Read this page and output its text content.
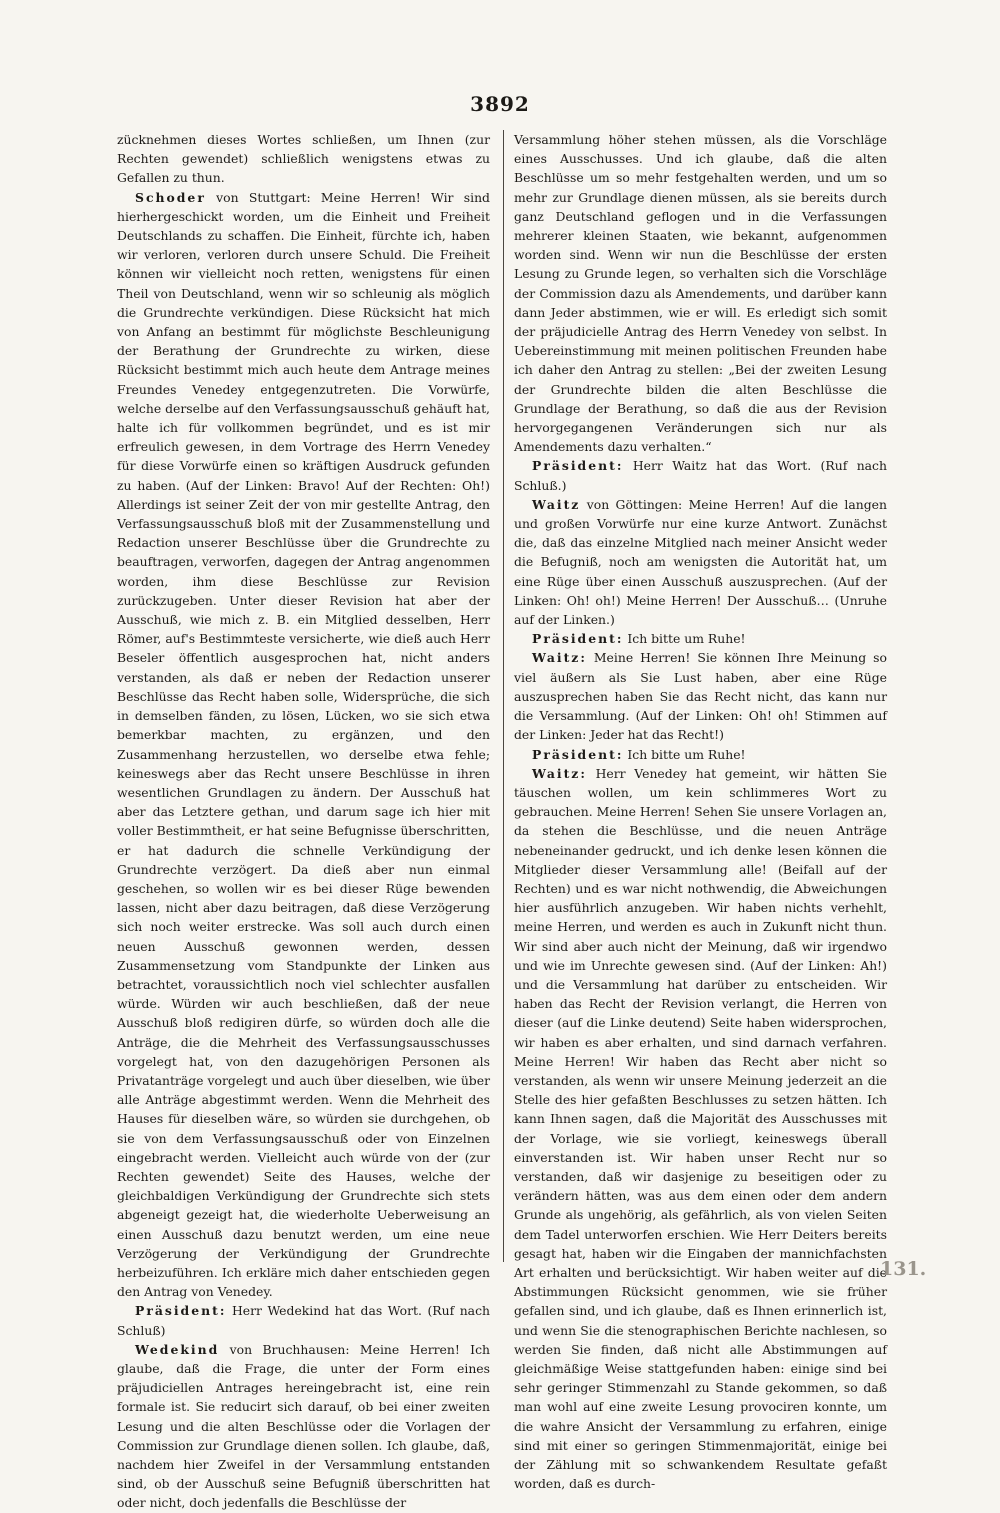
3892

zücknehmen dieses Wortes schließen, um Ihnen (zur Rechten gewendet) schließlich wenigstens etwas zu Gefallen zu thun.

Schoder von Stuttgart: Meine Herren! Wir sind hierhergeschickt worden, um die Einheit und Freiheit Deutschlands zu schaffen. Die Einheit, fürchte ich, haben wir verloren, verloren durch unsere Schuld. Die Freiheit können wir vielleicht noch retten, wenigstens für einen Theil von Deutschland, wenn wir so schleunig als möglich die Grundrechte verkündigen. Diese Rücksicht hat mich von Anfang an bestimmt für möglichste Beschleunigung der Berathung der Grundrechte zu wirken, diese Rücksicht bestimmt mich auch heute dem Antrage meines Freundes Venedey entgegenzutreten. Die Vorwürfe, welche derselbe auf den Verfassungsausschuß gehäuft hat, halte ich für vollkommen begründet, und es ist mir erfreulich gewesen, in dem Vortrage des Herrn Venedey für diese Vorwürfe einen so kräftigen Ausdruck gefunden zu haben. (Auf der Linken: Bravo! Auf der Rechten: Oh!) Allerdings ist seiner Zeit der von mir gestellte Antrag, den Verfassungsausschuß bloß mit der Zusammenstellung und Redaction unserer Beschlüsse über die Grundrechte zu beauftragen, verworfen, dagegen der Antrag angenommen worden, ihm diese Beschlüsse zur Revision zurückzugeben. Unter dieser Revision hat aber der Ausschuß, wie mich z. B. ein Mitglied desselben, Herr Römer, auf's Bestimmteste versicherte, wie dieß auch Herr Beseler öffentlich ausgesprochen hat, nicht anders verstanden, als daß er neben der Redaction unserer Beschlüsse das Recht haben solle, Widersprüche, die sich in demselben fänden, zu lösen, Lücken, wo sie sich etwa bemerkbar machten, zu ergänzen, und den Zusammenhang herzustellen, wo derselbe etwa fehle; keineswegs aber das Recht unsere Beschlüsse in ihren wesentlichen Grundlagen zu ändern. Der Ausschuß hat aber das Letztere gethan, und darum sage ich hier mit voller Bestimmtheit, er hat seine Befugnisse überschritten, er hat dadurch die schnelle Verkündigung der Grundrechte verzögert. Da dieß aber nun einmal geschehen, so wollen wir es bei dieser Rüge bewenden lassen, nicht aber dazu beitragen, daß diese Verzögerung sich noch weiter erstrecke. Was soll auch durch einen neuen Ausschuß gewonnen werden, dessen Zusammensetzung vom Standpunkte der Linken aus betrachtet, voraussichtlich noch viel schlechter ausfallen würde. Würden wir auch beschließen, daß der neue Ausschuß bloß redigiren dürfe, so würden doch alle die Anträge, die die Mehrheit des Verfassungsausschusses vorgelegt hat, von den dazugehörigen Personen als Privatanträge vorgelegt und auch über dieselben, wie über alle Anträge abgestimmt werden. Wenn die Mehrheit des Hauses für dieselben wäre, so würden sie durchgehen, ob sie von dem Verfassungsausschuß oder von Einzelnen eingebracht werden. Vielleicht auch würde von der (zur Rechten gewendet) Seite des Hauses, welche der gleichbaldigen Verkündigung der Grundrechte sich stets abgeneigt gezeigt hat, die wiederholte Ueberweisung an einen Ausschuß dazu benutzt werden, um eine neue Verzögerung der Verkündigung der Grundrechte herbeizuführen. Ich erkläre mich daher entschieden gegen den Antrag von Venedey.

Präsident: Herr Wedekind hat das Wort. (Ruf nach Schluß)

Wedekind von Bruchhausen: Meine Herren! Ich glaube, daß die Frage, die unter der Form eines präjudiciellen Antrages hereingebracht ist, eine rein formale ist. Sie reducirt sich darauf, ob bei einer zweiten Lesung und die alten Beschlüsse oder die Vorlagen der Commission zur Grundlage dienen sollen. Ich glaube, daß, nachdem hier Zweifel in der Versammlung entstanden sind, ob der Ausschuß seine Befugniß überschritten hat oder nicht, doch jedenfalls die Beschlüsse der

Versammlung höher stehen müssen, als die Vorschläge eines Ausschusses. Und ich glaube, daß die alten Beschlüsse um so mehr festgehalten werden, und um so mehr zur Grundlage dienen müssen, als sie bereits durch ganz Deutschland geflogen und in die Verfassungen mehrerer kleinen Staaten, wie bekannt, aufgenommen worden sind. Wenn wir nun die Beschlüsse der ersten Lesung zu Grunde legen, so verhalten sich die Vorschläge der Commission dazu als Amendements, und darüber kann dann Jeder abstimmen, wie er will. Es erledigt sich somit der präjudicielle Antrag des Herrn Venedey von selbst. In Uebereinstimmung mit meinen politischen Freunden habe ich daher den Antrag zu stellen: „Bei der zweiten Lesung der Grundrechte bilden die alten Beschlüsse die Grundlage der Berathung, so daß die aus der Revision hervorgegangenen Veränderungen sich nur als Amendements dazu verhalten.“

Präsident: Herr Waitz hat das Wort. (Ruf nach Schluß.)

Waitz von Göttingen: Meine Herren! Auf die langen und großen Vorwürfe nur eine kurze Antwort. Zunächst die, daß das einzelne Mitglied nach meiner Ansicht weder die Befugniß, noch am wenigsten die Autorität hat, um eine Rüge über einen Ausschuß auszusprechen. (Auf der Linken: Oh! oh!) Meine Herren! Der Ausschuß… (Unruhe auf der Linken.)

Präsident: Ich bitte um Ruhe!

Waitz: Meine Herren! Sie können Ihre Meinung so viel äußern als Sie Lust haben, aber eine Rüge auszusprechen haben Sie das Recht nicht, das kann nur die Versammlung. (Auf der Linken: Oh! oh! Stimmen auf der Linken: Jeder hat das Recht!)

Präsident: Ich bitte um Ruhe!

Waitz: Herr Venedey hat gemeint, wir hätten Sie täuschen wollen, um kein schlimmeres Wort zu gebrauchen. Meine Herren! Sehen Sie unsere Vorlagen an, da stehen die Beschlüsse, und die neuen Anträge nebeneinander gedruckt, und ich denke lesen können die Mitglieder dieser Versammlung alle! (Beifall auf der Rechten) und es war nicht nothwendig, die Abweichungen hier ausführlich anzugeben. Wir haben nichts verhehlt, meine Herren, und werden es auch in Zukunft nicht thun. Wir sind aber auch nicht der Meinung, daß wir irgendwo und wie im Unrechte gewesen sind. (Auf der Linken: Ah!) und die Versammlung hat darüber zu entscheiden. Wir haben das Recht der Revision verlangt, die Herren von dieser (auf die Linke deutend) Seite haben widersprochen, wir haben es aber erhalten, und sind darnach verfahren. Meine Herren! Wir haben das Recht aber nicht so verstanden, als wenn wir unsere Meinung jederzeit an die Stelle des hier gefaßten Beschlusses zu setzen hätten. Ich kann Ihnen sagen, daß die Majorität des Ausschusses mit der Vorlage, wie sie vorliegt, keineswegs überall einverstanden ist. Wir haben unser Recht nur so verstanden, daß wir dasjenige zu beseitigen oder zu verändern hätten, was aus dem einen oder dem andern Grunde als ungehörig, als gefährlich, als von vielen Seiten dem Tadel unterworfen erschien. Wie Herr Deiters bereits gesagt hat, haben wir die Eingaben der mannichfachsten Art erhalten und berücksichtigt. Wir haben weiter auf die Abstimmungen Rücksicht genommen, wie sie früher gefallen sind, und ich glaube, daß es Ihnen erinnerlich ist, und wenn Sie die stenographischen Berichte nachlesen, so werden Sie finden, daß nicht alle Abstimmungen auf gleichmäßige Weise stattgefunden haben: einige sind bei sehr geringer Stimmenzahl zu Stande gekommen, so daß man wohl auf eine zweite Lesung provociren konnte, um die wahre Ansicht der Versammlung zu erfahren, einige sind mit einer so geringen Stimmenmajorität, einige bei der Zählung mit so schwankendem Resultate gefaßt worden, daß es durch-

131.
